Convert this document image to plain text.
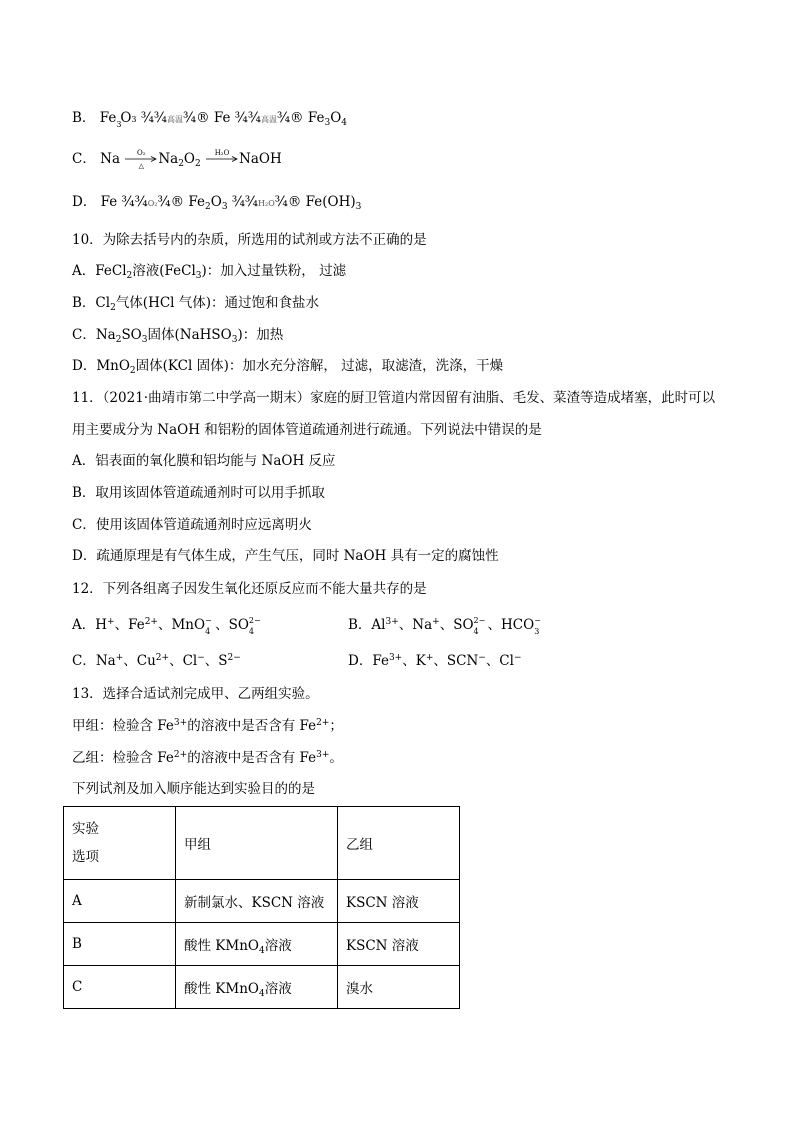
B． Fe 3
O3 ¾¾高温¾® Fe ¾¾高温¾® $Fe_3O_4$
C． Na	O₂
△	$Na_2O_2$
H₂O NaOH
D． Fe ¾¾O₂¾® $Fe_2O_3$ ¾¾H₂O¾® $Fe(OH)_3$
10．为除去括号内的杂质，所选用的试剂或方法不正确的是
A．FeCl$_2$溶液(FeCl$_3$)：加入过量铁粉， 过滤
B．$Cl_2$气体(HCl 气体)：通过饱和食盐水
C．$Na_2SO_3$固体(NaHSO$_3$)：加热
D．MnO$_2$固体(KCl 固体)：加水充分溶解， 过滤，取滤渣，洗涤，干燥
11．（2021·曲靖市第二中学高一期末）家庭的厨卫管道内常因留有油脂、毛发、菜渣等造成堵塞，此时可以
用主要成分为 NaOH 和铝粉的固体管道疏通剂进行疏通。下列说法中错误的是
A．铝表面的氧化膜和铝均能与 NaOH 反应
B．取用该固体管道疏通剂时可以用手抓取
C．使用该固体管道疏通剂时应远离明火
D．疏通原理是有气体生成，产生气压，同时 NaOH 具有一定的腐蚀性
12．下列各组离子因发生氧化还原反应而不能大量共存的是
A．H+、$Fe^{2+}$、MnO −
4 、SO 2−
4	B．$Al^{3+}$、Na+、SO 2−
4 、HCO −
3
C．Na+、$Cu^{2+}$、Cl−、$S^{2-}$	D．$Fe^{3+}$、K+、SCN−、Cl−
13．选择合适试剂完成甲、乙两组实验。
甲组：检验含 $Fe^{3+}$的溶液中是否含有 $Fe^{2+}$；
乙组：检验含 $Fe^{2+}$的溶液中是否含有 $Fe^{3+}$。
下列试剂及加入顺序能达到实验目的的是
实验
选项	甲组	乙组
A	新制氯水、KSCN 溶液	KSCN 溶液
B	酸性 KMnO$_4$溶液	KSCN 溶液
C	酸性 KMnO$_4$溶液	溴水
